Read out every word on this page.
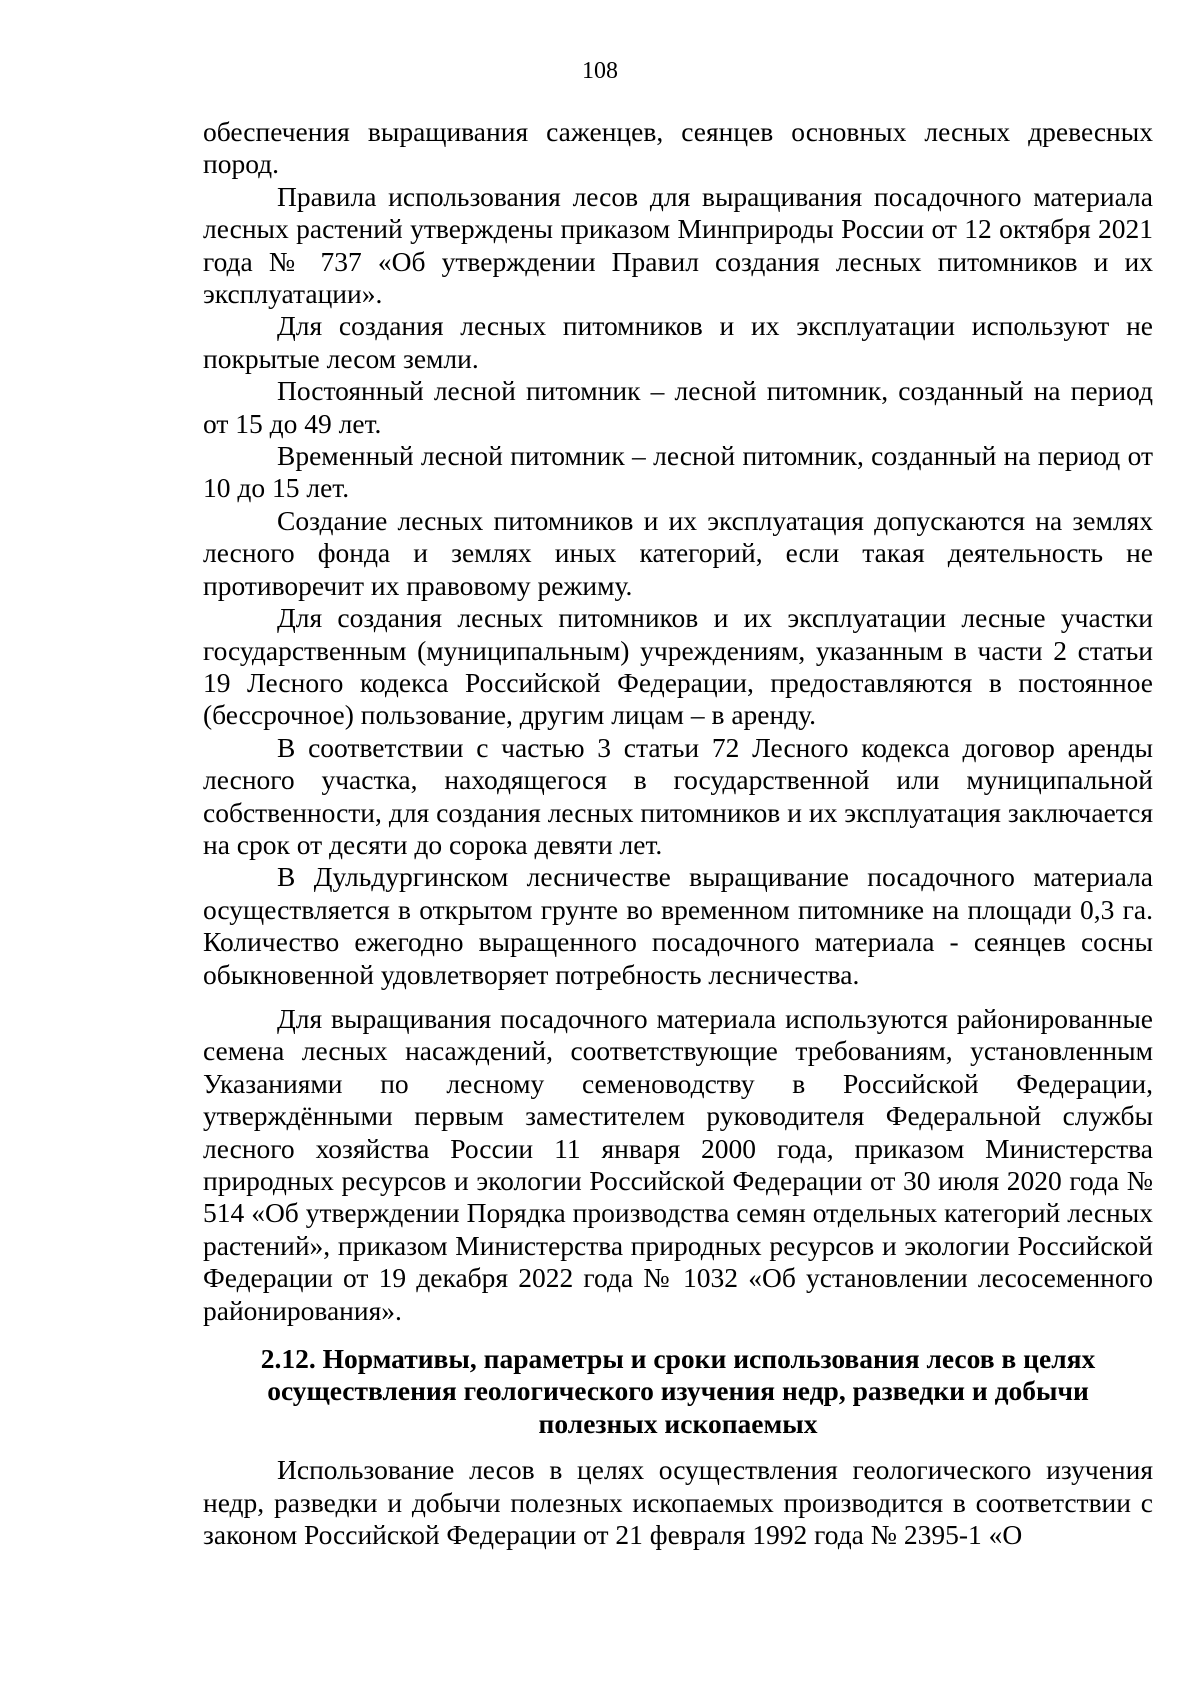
108

обеспечения выращивания саженцев, сеянцев основных лесных древесных пород.

Правила использования лесов для выращивания посадочного материала лесных растений утверждены приказом Минприроды России от 12 октября 2021 года № 737 «Об утверждении Правил создания лесных питомников и их эксплуатации».

Для создания лесных питомников и их эксплуатации используют не покрытые лесом земли.

Постоянный лесной питомник – лесной питомник, созданный на период от 15 до 49 лет.

Временный лесной питомник – лесной питомник, созданный на период от 10 до 15 лет.

Создание лесных питомников и их эксплуатация допускаются на землях лесного фонда и землях иных категорий, если такая деятельность не противоречит их правовому режиму.

Для создания лесных питомников и их эксплуатации лесные участки государственным (муниципальным) учреждениям, указанным в части 2 статьи 19 Лесного кодекса Российской Федерации, предоставляются в постоянное (бессрочное) пользование, другим лицам – в аренду.

В соответствии с частью 3 статьи 72 Лесного кодекса договор аренды лесного участка, находящегося в государственной или муниципальной собственности, для создания лесных питомников и их эксплуатация заключается на срок от десяти до сорока девяти лет.

В Дульдургинском лесничестве выращивание посадочного материала осуществляется в открытом грунте во временном питомнике на площади 0,3 га. Количество ежегодно выращенного посадочного материала - сеянцев сосны обыкновенной удовлетворяет потребность лесничества.

Для выращивания посадочного материала используются районированные семена лесных насаждений, соответствующие требованиям, установленным Указаниями по лесному семеноводству в Российской Федерации, утверждёнными первым заместителем руководителя Федеральной службы лесного хозяйства России 11 января 2000 года, приказом Министерства природных ресурсов и экологии Российской Федерации от 30 июля 2020 года № 514 «Об утверждении Порядка производства семян отдельных категорий лесных растений», приказом Министерства природных ресурсов и экологии Российской Федерации от 19 декабря 2022 года № 1032 «Об установлении лесосеменного районирования».

2.12. Нормативы, параметры и сроки использования лесов в целях осуществления геологического изучения недр, разведки и добычи полезных ископаемых

Использование лесов в целях осуществления геологического изучения недр, разведки и добычи полезных ископаемых производится в соответствии с законом Российской Федерации от 21 февраля 1992 года № 2395-1 «О
